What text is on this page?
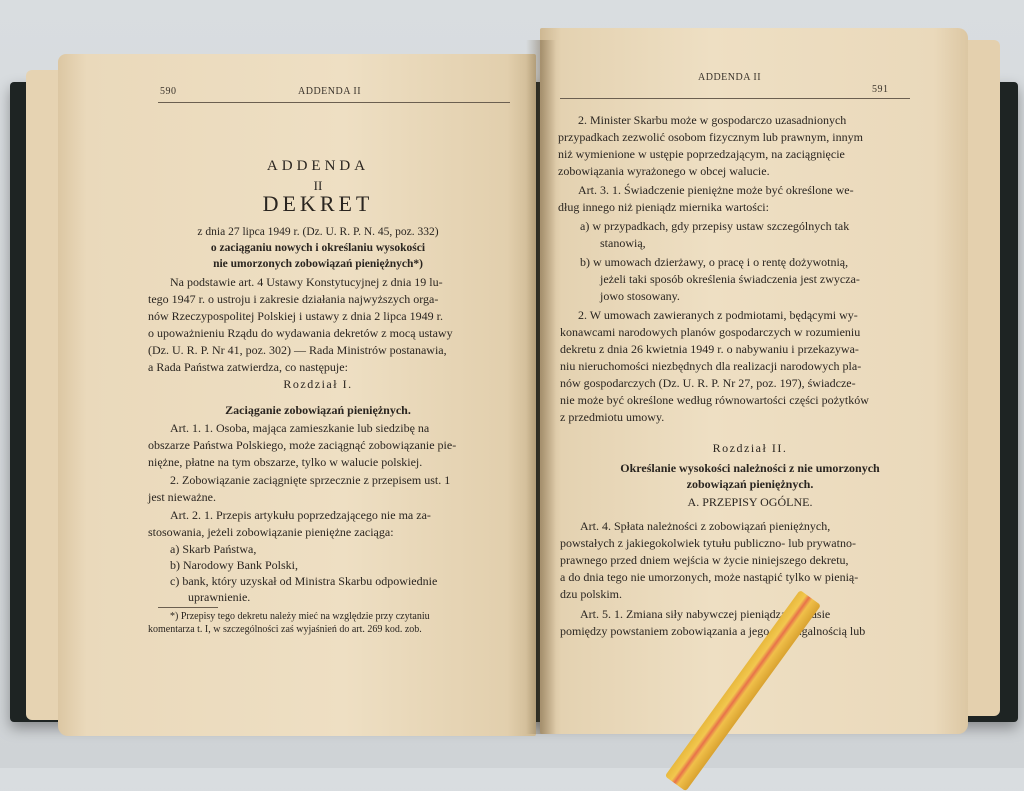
590	ADDENDA II
ADDENDA
II
DEKRET
z dnia 27 lipca 1949 r. (Dz. U. R. P. N. 45, poz. 332)
o zaciąganiu nowych i określaniu wysokości
nie umorzonych zobowiązań pieniężnych*)
Na podstawie art. 4 Ustawy Konstytucyjnej z dnia 19 lu-
tego 1947 r. o ustroju i zakresie działania najwyższych orga-
nów Rzeczypospolitej Polskiej i ustawy z dnia 2 lipca 1949 r.
o upoważnieniu Rządu do wydawania dekretów z mocą ustawy
(Dz. U. R. P. Nr 41, poz. 302) — Rada Ministrów postanawia,
a Rada Państwa zatwierdza, co następuje:
Rozdział I.
Zaciąganie zobowiązań pieniężnych.
Art. 1. 1. Osoba, mająca zamieszkanie lub siedzibę na
obszarze Państwa Polskiego, może zaciągnąć zobowiązanie pie-
niężne, płatne na tym obszarze, tylko w walucie polskiej.
2. Zobowiązanie zaciągnięte sprzecznie z przepisem ust. 1
jest nieważne.
Art. 2. 1. Przepis artykułu poprzedzającego nie ma za-
stosowania, jeżeli zobowiązanie pieniężne zaciąga:
a) Skarb Państwa,
b) Narodowy Bank Polski,
c) bank, który uzyskał od Ministra Skarbu odpowiednie
uprawnienie.
*) Przepisy tego dekretu należy mieć na względzie przy czytaniu
komentarza t. I, w szczególności zaś wyjaśnień do art. 269 kod. zob.
ADDENDA II
591
2. Minister Skarbu może w gospodarczo uzasadnionych
przypadkach zezwolić osobom fizycznym lub prawnym, innym
niż wymienione w ustępie poprzedzającym, na zaciągnięcie
zobowiązania wyrażonego w obcej walucie.
Art. 3. 1. Świadczenie pieniężne może być określone we-
dług innego niż pieniądz miernika wartości:
a) w przypadkach, gdy przepisy ustaw szczególnych tak
stanowią,
b) w umowach dzierżawy, o pracę i o rentę dożywotnią,
jeżeli taki sposób określenia świadczenia jest zwycza-
jowo stosowany.
2. W umowach zawieranych z podmiotami, będącymi wy-
konawcami narodowych planów gospodarczych w rozumieniu
dekretu z dnia 26 kwietnia 1949 r. o nabywaniu i przekazywa-
niu nieruchomości niezbędnych dla realizacji narodowych pla-
nów gospodarczych (Dz. U. R. P. Nr 27, poz. 197), świadcze-
nie może być określone według równowartości części pożytków
z przedmiotu umowy.
Rozdział II.
Określanie wysokości należności z nie umorzonych
zobowiązań pieniężnych.
A. PRZEPISY OGÓLNE.
Art. 4. Spłata należności z zobowiązań pieniężnych,
powstałych z jakiegokolwiek tytułu publiczno- lub prywatno-
prawnego przed dniem wejścia w życie niniejszego dekretu,
a do dnia tego nie umorzonych, może nastąpić tylko w pienią-
dzu polskim.
Art. 5. 1. Zmiana siły nabywczej pieniądza w czasie
pomiędzy powstaniem zobowiązania a jego wymagalnością lub
